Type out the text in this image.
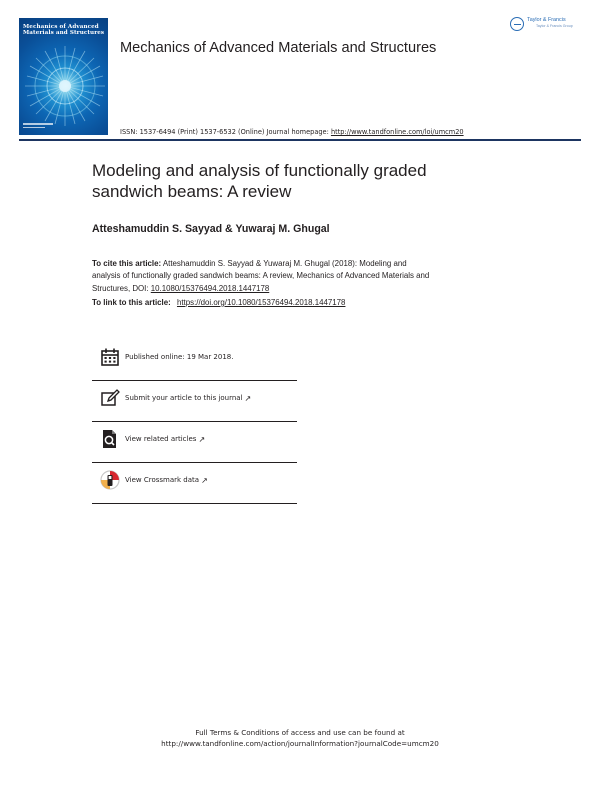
Mechanics of Advanced
Materials and Structures
Mechanics of Advanced Materials and Structures
Taylor & Francis
Taylor & Francis Group
ISSN: 1537-6494 (Print) 1537-6532 (Online) Journal homepage: http://www.tandfonline.com/loi/umcm20
Modeling and analysis of functionally graded
sandwich beams: A review
Atteshamuddin S. Sayyad & Yuwaraj M. Ghugal
To cite this article: Atteshamuddin S. Sayyad & Yuwaraj M. Ghugal (2018): Modeling and
analysis of functionally graded sandwich beams: A review, Mechanics of Advanced Materials and
Structures, DOI: 10.1080/15376494.2018.1447178
To link to this article: https://doi.org/10.1080/15376494.2018.1447178
Published online: 19 Mar 2018.
Submit your article to this journal ↗
View related articles ↗
View Crossmark data ↗
Full Terms & Conditions of access and use can be found at
http://www.tandfonline.com/action/journalInformation?journalCode=umcm20
